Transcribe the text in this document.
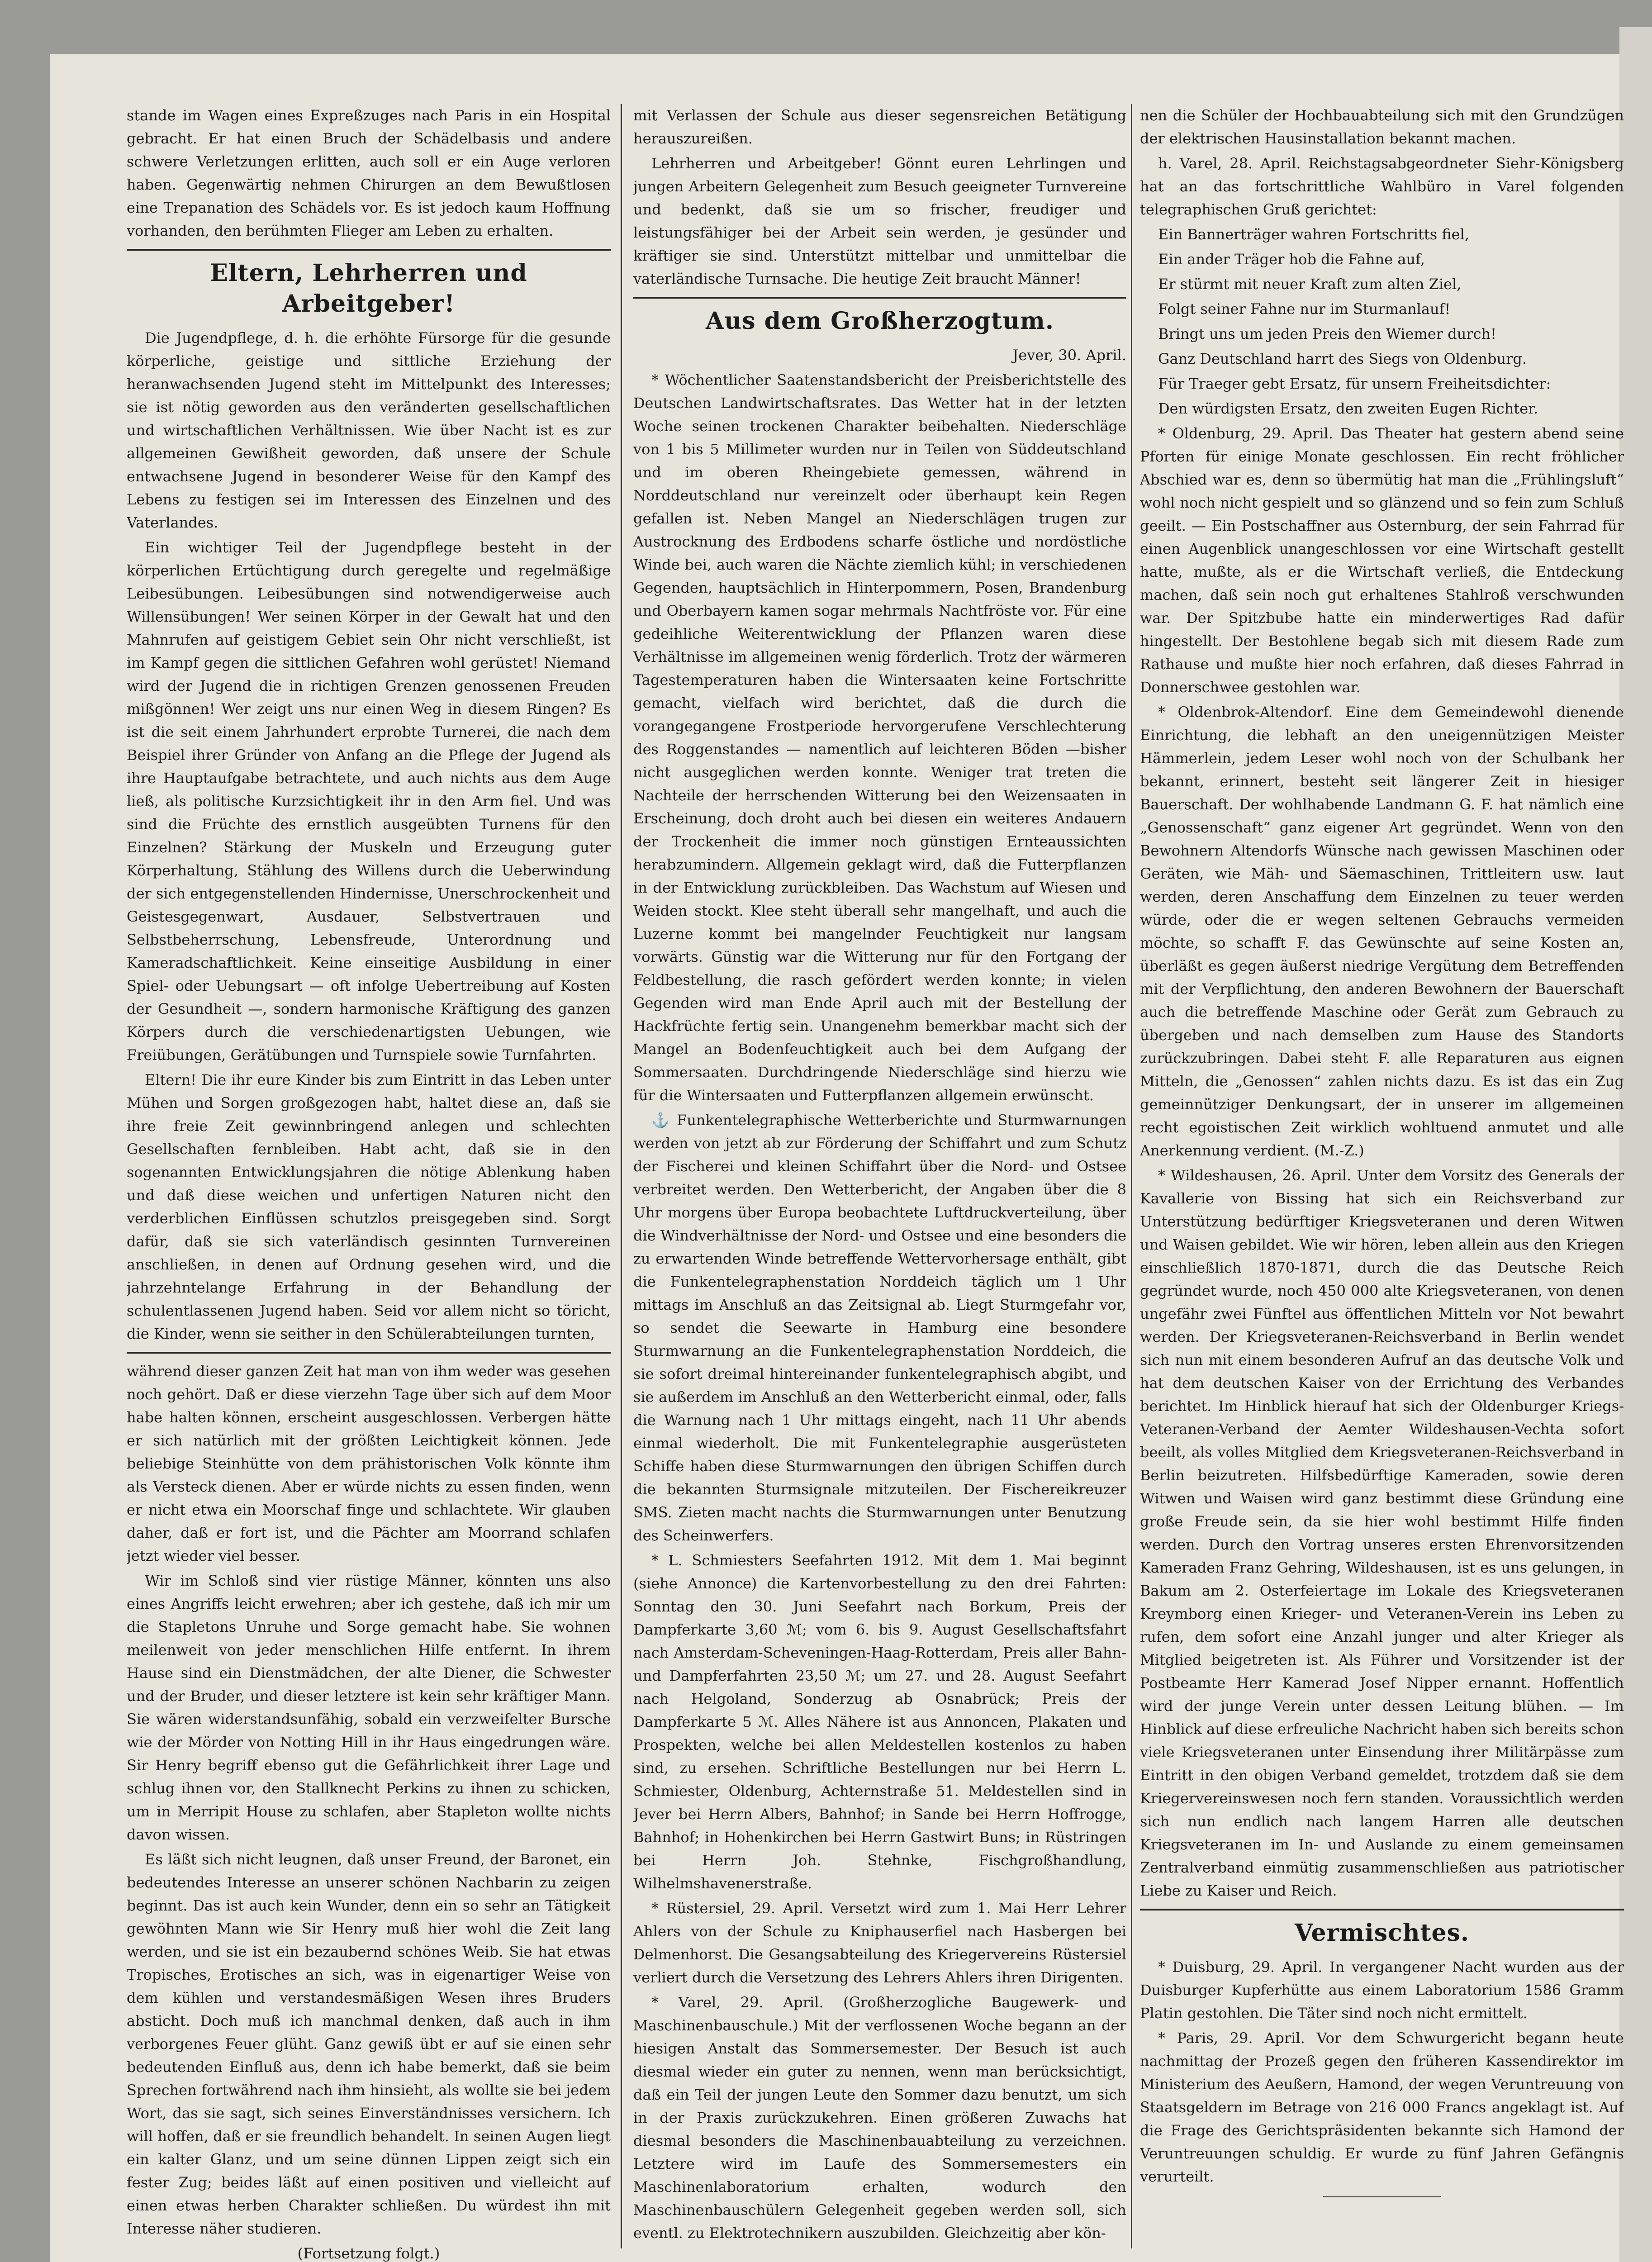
stande im Wagen eines Expreßzuges nach Paris in ein Hospital gebracht. Er hat einen Bruch der Schädelbasis und andere schwere Verletzungen erlitten, auch soll er ein Auge verloren haben. Gegenwärtig nehmen Chirurgen an dem Bewußtlosen eine Trepanation des Schädels vor. Es ist jedoch kaum Hoffnung vorhanden, den berühmten Flieger am Leben zu erhalten.

Eltern, Lehrherren und Arbeitgeber!

Die Jugendpflege, d. h. die erhöhte Fürsorge für die gesunde körperliche, geistige und sittliche Erziehung der heranwachsenden Jugend steht im Mittelpunkt des Interesses; sie ist nötig geworden aus den veränderten gesellschaftlichen und wirtschaftlichen Verhältnissen. Wie über Nacht ist es zur allgemeinen Gewißheit geworden, daß unsere der Schule entwachsene Jugend in besonderer Weise für den Kampf des Lebens zu festigen sei im Interessen des Einzelnen und des Vaterlandes.

Ein wichtiger Teil der Jugendpflege besteht in der körperlichen Ertüchtigung durch geregelte und regelmäßige Leibesübungen. Leibesübungen sind notwendigerweise auch Willensübungen! Wer seinen Körper in der Gewalt hat und den Mahnrufen auf geistigem Gebiet sein Ohr nicht verschließt, ist im Kampf gegen die sittlichen Gefahren wohl gerüstet! Niemand wird der Jugend die in richtigen Grenzen genossenen Freuden mißgönnen! Wer zeigt uns nur einen Weg in diesem Ringen? Es ist die seit einem Jahrhundert erprobte Turnerei, die nach dem Beispiel ihrer Gründer von Anfang an die Pflege der Jugend als ihre Hauptaufgabe betrachtete, und auch nichts aus dem Auge ließ, als politische Kurzsichtigkeit ihr in den Arm fiel. Und was sind die Früchte des ernstlich ausgeübten Turnens für den Einzelnen? Stärkung der Muskeln und Erzeugung guter Körperhaltung, Stählung des Willens durch die Ueberwindung der sich entgegenstellenden Hindernisse, Unerschrockenheit und Geistesgegenwart, Ausdauer, Selbstvertrauen und Selbstbeherrschung, Lebensfreude, Unterordnung und Kameradschaftlichkeit. Keine einseitige Ausbildung in einer Spiel- oder Uebungsart — oft infolge Uebertreibung auf Kosten der Gesundheit —, sondern harmonische Kräftigung des ganzen Körpers durch die verschiedenartigsten Uebungen, wie Freiübungen, Gerätübungen und Turnspiele sowie Turnfahrten.

Eltern! Die ihr eure Kinder bis zum Eintritt in das Leben unter Mühen und Sorgen großgezogen habt, haltet diese an, daß sie ihre freie Zeit gewinnbringend anlegen und schlechten Gesellschaften fernbleiben. Habt acht, daß sie in den sogenannten Entwicklungsjahren die nötige Ablenkung haben und daß diese weichen und unfertigen Naturen nicht den verderblichen Einflüssen schutzlos preisgegeben sind. Sorgt dafür, daß sie sich vaterländisch gesinnten Turnvereinen anschließen, in denen auf Ordnung gesehen wird, und die jahrzehntelange Erfahrung in der Behandlung der schulentlassenen Jugend haben. Seid vor allem nicht so töricht, die Kinder, wenn sie seither in den Schülerabteilungen turnten,

während dieser ganzen Zeit hat man von ihm weder was gesehen noch gehört. Daß er diese vierzehn Tage über sich auf dem Moor habe halten können, erscheint ausgeschlossen. Verbergen hätte er sich natürlich mit der größten Leichtigkeit können. Jede beliebige Steinhütte von dem prähistorischen Volk könnte ihm als Versteck dienen. Aber er würde nichts zu essen finden, wenn er nicht etwa ein Moorschaf finge und schlachtete. Wir glauben daher, daß er fort ist, und die Pächter am Moorrand schlafen jetzt wieder viel besser.

Wir im Schloß sind vier rüstige Männer, könnten uns also eines Angriffs leicht erwehren; aber ich gestehe, daß ich mir um die Stapletons Unruhe und Sorge gemacht habe. Sie wohnen meilenweit von jeder menschlichen Hilfe entfernt. In ihrem Hause sind ein Dienstmädchen, der alte Diener, die Schwester und der Bruder, und dieser letztere ist kein sehr kräftiger Mann. Sie wären widerstandsunfähig, sobald ein verzweifelter Bursche wie der Mörder von Notting Hill in ihr Haus eingedrungen wäre. Sir Henry begriff ebenso gut die Gefährlichkeit ihrer Lage und schlug ihnen vor, den Stallknecht Perkins zu ihnen zu schicken, um in Merripit House zu schlafen, aber Stapleton wollte nichts davon wissen.

Es läßt sich nicht leugnen, daß unser Freund, der Baronet, ein bedeutendes Interesse an unserer schönen Nachbarin zu zeigen beginnt. Das ist auch kein Wunder, denn ein so sehr an Tätigkeit gewöhnten Mann wie Sir Henry muß hier wohl die Zeit lang werden, und sie ist ein bezaubernd schönes Weib. Sie hat etwas Tropisches, Erotisches an sich, was in eigenartiger Weise von dem kühlen und verstandesmäßigen Wesen ihres Bruders absticht. Doch muß ich manchmal denken, daß auch in ihm verborgenes Feuer glüht. Ganz gewiß übt er auf sie einen sehr bedeutenden Einfluß aus, denn ich habe bemerkt, daß sie beim Sprechen fortwährend nach ihm hinsieht, als wollte sie bei jedem Wort, das sie sagt, sich seines Einverständnisses versichern. Ich will hoffen, daß er sie freundlich behandelt. In seinen Augen liegt ein kalter Glanz, und um seine dünnen Lippen zeigt sich ein fester Zug; beides läßt auf einen positiven und vielleicht auf einen etwas herben Charakter schließen. Du würdest ihn mit Interesse näher studieren.

(Fortsetzung folgt.)

mit Verlassen der Schule aus dieser segensreichen Betätigung herauszureißen.

Lehrherren und Arbeitgeber! Gönnt euren Lehrlingen und jungen Arbeitern Gelegenheit zum Besuch geeigneter Turnvereine und bedenkt, daß sie um so frischer, freudiger und leistungsfähiger bei der Arbeit sein werden, je gesünder und kräftiger sie sind. Unterstützt mittelbar und unmittelbar die vaterländische Turnsache. Die heutige Zeit braucht Männer!

Aus dem Großherzogtum.

Jever, 30. April.

* Wöchentlicher Saatenstandsbericht der Preisberichtstelle des Deutschen Landwirtschaftsrates. Das Wetter hat in der letzten Woche seinen trockenen Charakter beibehalten. Niederschläge von 1 bis 5 Millimeter wurden nur in Teilen von Süddeutschland und im oberen Rheingebiete gemessen, während in Norddeutschland nur vereinzelt oder überhaupt kein Regen gefallen ist. Neben Mangel an Niederschlägen trugen zur Austrocknung des Erdbodens scharfe östliche und nordöstliche Winde bei, auch waren die Nächte ziemlich kühl; in verschiedenen Gegenden, hauptsächlich in Hinterpommern, Posen, Brandenburg und Oberbayern kamen sogar mehrmals Nachtfröste vor. Für eine gedeihliche Weiterentwicklung der Pflanzen waren diese Verhältnisse im allgemeinen wenig förderlich. Trotz der wärmeren Tagestemperaturen haben die Wintersaaten keine Fortschritte gemacht, vielfach wird berichtet, daß die durch die vorangegangene Frostperiode hervorgerufene Verschlechterung des Roggenstandes — namentlich auf leichteren Böden —bisher nicht ausgeglichen werden konnte. Weniger trat treten die Nachteile der herrschenden Witterung bei den Weizensaaten in Erscheinung, doch droht auch bei diesen ein weiteres Andauern der Trockenheit die immer noch günstigen Ernteaussichten herabzumindern. Allgemein geklagt wird, daß die Futterpflanzen in der Entwicklung zurückbleiben. Das Wachstum auf Wiesen und Weiden stockt. Klee steht überall sehr mangelhaft, und auch die Luzerne kommt bei mangelnder Feuchtigkeit nur langsam vorwärts. Günstig war die Witterung nur für den Fortgang der Feldbestellung, die rasch gefördert werden konnte; in vielen Gegenden wird man Ende April auch mit der Bestellung der Hackfrüchte fertig sein. Unangenehm bemerkbar macht sich der Mangel an Bodenfeuchtigkeit auch bei dem Aufgang der Sommersaaten. Durchdringende Niederschläge sind hierzu wie für die Wintersaaten und Futterpflanzen allgemein erwünscht.

⚓ Funkentelegraphische Wetterberichte und Sturmwarnungen werden von jetzt ab zur Förderung der Schiffahrt und zum Schutz der Fischerei und kleinen Schiffahrt über die Nord- und Ostsee verbreitet werden. Den Wetterbericht, der Angaben über die 8 Uhr morgens über Europa beobachtete Luftdruckverteilung, über die Windverhältnisse der Nord- und Ostsee und eine besonders die zu erwartenden Winde betreffende Wettervorhersage enthält, gibt die Funkentelegraphenstation Norddeich täglich um 1 Uhr mittags im Anschluß an das Zeitsignal ab. Liegt Sturmgefahr vor, so sendet die Seewarte in Hamburg eine besondere Sturmwarnung an die Funkentelegraphenstation Norddeich, die sie sofort dreimal hintereinander funkentelegraphisch abgibt, und sie außerdem im Anschluß an den Wetterbericht einmal, oder, falls die Warnung nach 1 Uhr mittags eingeht, nach 11 Uhr abends einmal wiederholt. Die mit Funkentelegraphie ausgerüsteten Schiffe haben diese Sturmwarnungen den übrigen Schiffen durch die bekannten Sturmsignale mitzuteilen. Der Fischereikreuzer SMS. Zieten macht nachts die Sturmwarnungen unter Benutzung des Scheinwerfers.

* L. Schmiesters Seefahrten 1912. Mit dem 1. Mai beginnt (siehe Annonce) die Kartenvorbestellung zu den drei Fahrten: Sonntag den 30. Juni Seefahrt nach Borkum, Preis der Dampferkarte 3,60 ℳ; vom 6. bis 9. August Gesellschaftsfahrt nach Amsterdam-Scheveningen-Haag-Rotterdam, Preis aller Bahn- und Dampferfahrten 23,50 ℳ; um 27. und 28. August Seefahrt nach Helgoland, Sonderzug ab Osnabrück; Preis der Dampferkarte 5 ℳ. Alles Nähere ist aus Annoncen, Plakaten und Prospekten, welche bei allen Meldestellen kostenlos zu haben sind, zu ersehen. Schriftliche Bestellungen nur bei Herrn L. Schmiester, Oldenburg, Achternstraße 51. Meldestellen sind in Jever bei Herrn Albers, Bahnhof; in Sande bei Herrn Hoffrogge, Bahnhof; in Hohenkirchen bei Herrn Gastwirt Buns; in Rüstringen bei Herrn Joh. Stehnke, Fischgroßhandlung, Wilhelmshavenerstraße.

* Rüstersiel, 29. April. Versetzt wird zum 1. Mai Herr Lehrer Ahlers von der Schule zu Kniphauserfiel nach Hasbergen bei Delmenhorst. Die Gesangsabteilung des Kriegervereins Rüstersiel verliert durch die Versetzung des Lehrers Ahlers ihren Dirigenten.

* Varel, 29. April. (Großherzogliche Baugewerk- und Maschinenbauschule.) Mit der verflossenen Woche begann an der hiesigen Anstalt das Sommersemester. Der Besuch ist auch diesmal wieder ein guter zu nennen, wenn man berücksichtigt, daß ein Teil der jungen Leute den Sommer dazu benutzt, um sich in der Praxis zurückzukehren. Einen größeren Zuwachs hat diesmal besonders die Maschinenbauabteilung zu verzeichnen. Letztere wird im Laufe des Sommersemesters ein Maschinenlaboratorium erhalten, wodurch den Maschinenbauschülern Gelegenheit gegeben werden soll, sich eventl. zu Elektrotechnikern auszubilden. Gleichzeitig aber kön-

nen die Schüler der Hochbauabteilung sich mit den Grundzügen der elektrischen Hausinstallation bekannt machen.

h. Varel, 28. April. Reichstagsabgeordneter Siehr-Königsberg hat an das fortschrittliche Wahlbüro in Varel folgenden telegraphischen Gruß gerichtet:

Ein Bannerträger wahren Fortschritts fiel,

Ein ander Träger hob die Fahne auf,

Er stürmt mit neuer Kraft zum alten Ziel,

Folgt seiner Fahne nur im Sturmanlauf!

Bringt uns um jeden Preis den Wiemer durch!

Ganz Deutschland harrt des Siegs von Oldenburg.

Für Traeger gebt Ersatz, für unsern Freiheitsdichter:

Den würdigsten Ersatz, den zweiten Eugen Richter.

* Oldenburg, 29. April. Das Theater hat gestern abend seine Pforten für einige Monate geschlossen. Ein recht fröhlicher Abschied war es, denn so übermütig hat man die „Frühlingsluft“ wohl noch nicht gespielt und so glänzend und so fein zum Schluß geeilt. — Ein Postschaffner aus Osternburg, der sein Fahrrad für einen Augenblick unangeschlossen vor eine Wirtschaft gestellt hatte, mußte, als er die Wirtschaft verließ, die Entdeckung machen, daß sein noch gut erhaltenes Stahlroß verschwunden war. Der Spitzbube hatte ein minderwertiges Rad dafür hingestellt. Der Bestohlene begab sich mit diesem Rade zum Rathause und mußte hier noch erfahren, daß dieses Fahrrad in Donnerschwee gestohlen war.

* Oldenbrok-Altendorf. Eine dem Gemeindewohl dienende Einrichtung, die lebhaft an den uneigennützigen Meister Hämmerlein, jedem Leser wohl noch von der Schulbank her bekannt, erinnert, besteht seit längerer Zeit in hiesiger Bauerschaft. Der wohlhabende Landmann G. F. hat nämlich eine „Genossenschaft“ ganz eigener Art gegründet. Wenn von den Bewohnern Altendorfs Wünsche nach gewissen Maschinen oder Geräten, wie Mäh- und Säemaschinen, Trittleitern usw. laut werden, deren Anschaffung dem Einzelnen zu teuer werden würde, oder die er wegen seltenen Gebrauchs vermeiden möchte, so schafft F. das Gewünschte auf seine Kosten an, überläßt es gegen äußerst niedrige Vergütung dem Betreffenden mit der Verpflichtung, den anderen Bewohnern der Bauerschaft auch die betreffende Maschine oder Gerät zum Gebrauch zu übergeben und nach demselben zum Hause des Standorts zurückzubringen. Dabei steht F. alle Reparaturen aus eignen Mitteln, die „Genossen“ zahlen nichts dazu. Es ist das ein Zug gemeinnütziger Denkungsart, der in unserer im allgemeinen recht egoistischen Zeit wirklich wohltuend anmutet und alle Anerkennung verdient. (M.-Z.)

* Wildeshausen, 26. April. Unter dem Vorsitz des Generals der Kavallerie von Bissing hat sich ein Reichsverband zur Unterstützung bedürftiger Kriegsveteranen und deren Witwen und Waisen gebildet. Wie wir hören, leben allein aus den Kriegen einschließlich 1870-1871, durch die das Deutsche Reich gegründet wurde, noch 450 000 alte Kriegsveteranen, von denen ungefähr zwei Fünftel aus öffentlichen Mitteln vor Not bewahrt werden. Der Kriegsveteranen-Reichsverband in Berlin wendet sich nun mit einem besonderen Aufruf an das deutsche Volk und hat dem deutschen Kaiser von der Errichtung des Verbandes berichtet. Im Hinblick hierauf hat sich der Oldenburger Kriegs-Veteranen-Verband der Aemter Wildeshausen-Vechta sofort beeilt, als volles Mitglied dem Kriegsveteranen-Reichsverband in Berlin beizutreten. Hilfsbedürftige Kameraden, sowie deren Witwen und Waisen wird ganz bestimmt diese Gründung eine große Freude sein, da sie hier wohl bestimmt Hilfe finden werden. Durch den Vortrag unseres ersten Ehrenvorsitzenden Kameraden Franz Gehring, Wildeshausen, ist es uns gelungen, in Bakum am 2. Osterfeiertage im Lokale des Kriegsveteranen Kreymborg einen Krieger- und Veteranen-Verein ins Leben zu rufen, dem sofort eine Anzahl junger und alter Krieger als Mitglied beigetreten ist. Als Führer und Vorsitzender ist der Postbeamte Herr Kamerad Josef Nipper ernannt. Hoffentlich wird der junge Verein unter dessen Leitung blühen. — Im Hinblick auf diese erfreuliche Nachricht haben sich bereits schon viele Kriegsveteranen unter Einsendung ihrer Militärpässe zum Eintritt in den obigen Verband gemeldet, trotzdem daß sie dem Kriegervereinswesen noch fern standen. Voraussichtlich werden sich nun endlich nach langem Harren alle deutschen Kriegsveteranen im In- und Auslande zu einem gemeinsamen Zentralverband einmütig zusammenschließen aus patriotischer Liebe zu Kaiser und Reich.

Vermischtes.

* Duisburg, 29. April. In vergangener Nacht wurden aus der Duisburger Kupferhütte aus einem Laboratorium 1586 Gramm Platin gestohlen. Die Täter sind noch nicht ermittelt.

* Paris, 29. April. Vor dem Schwurgericht begann heute nachmittag der Prozeß gegen den früheren Kassendirektor im Ministerium des Aeußern, Hamond, der wegen Veruntreuung von Staatsgeldern im Betrage von 216 000 Francs angeklagt ist. Auf die Frage des Gerichtspräsidenten bekannte sich Hamond der Veruntreuungen schuldig. Er wurde zu fünf Jahren Gefängnis verurteilt.
